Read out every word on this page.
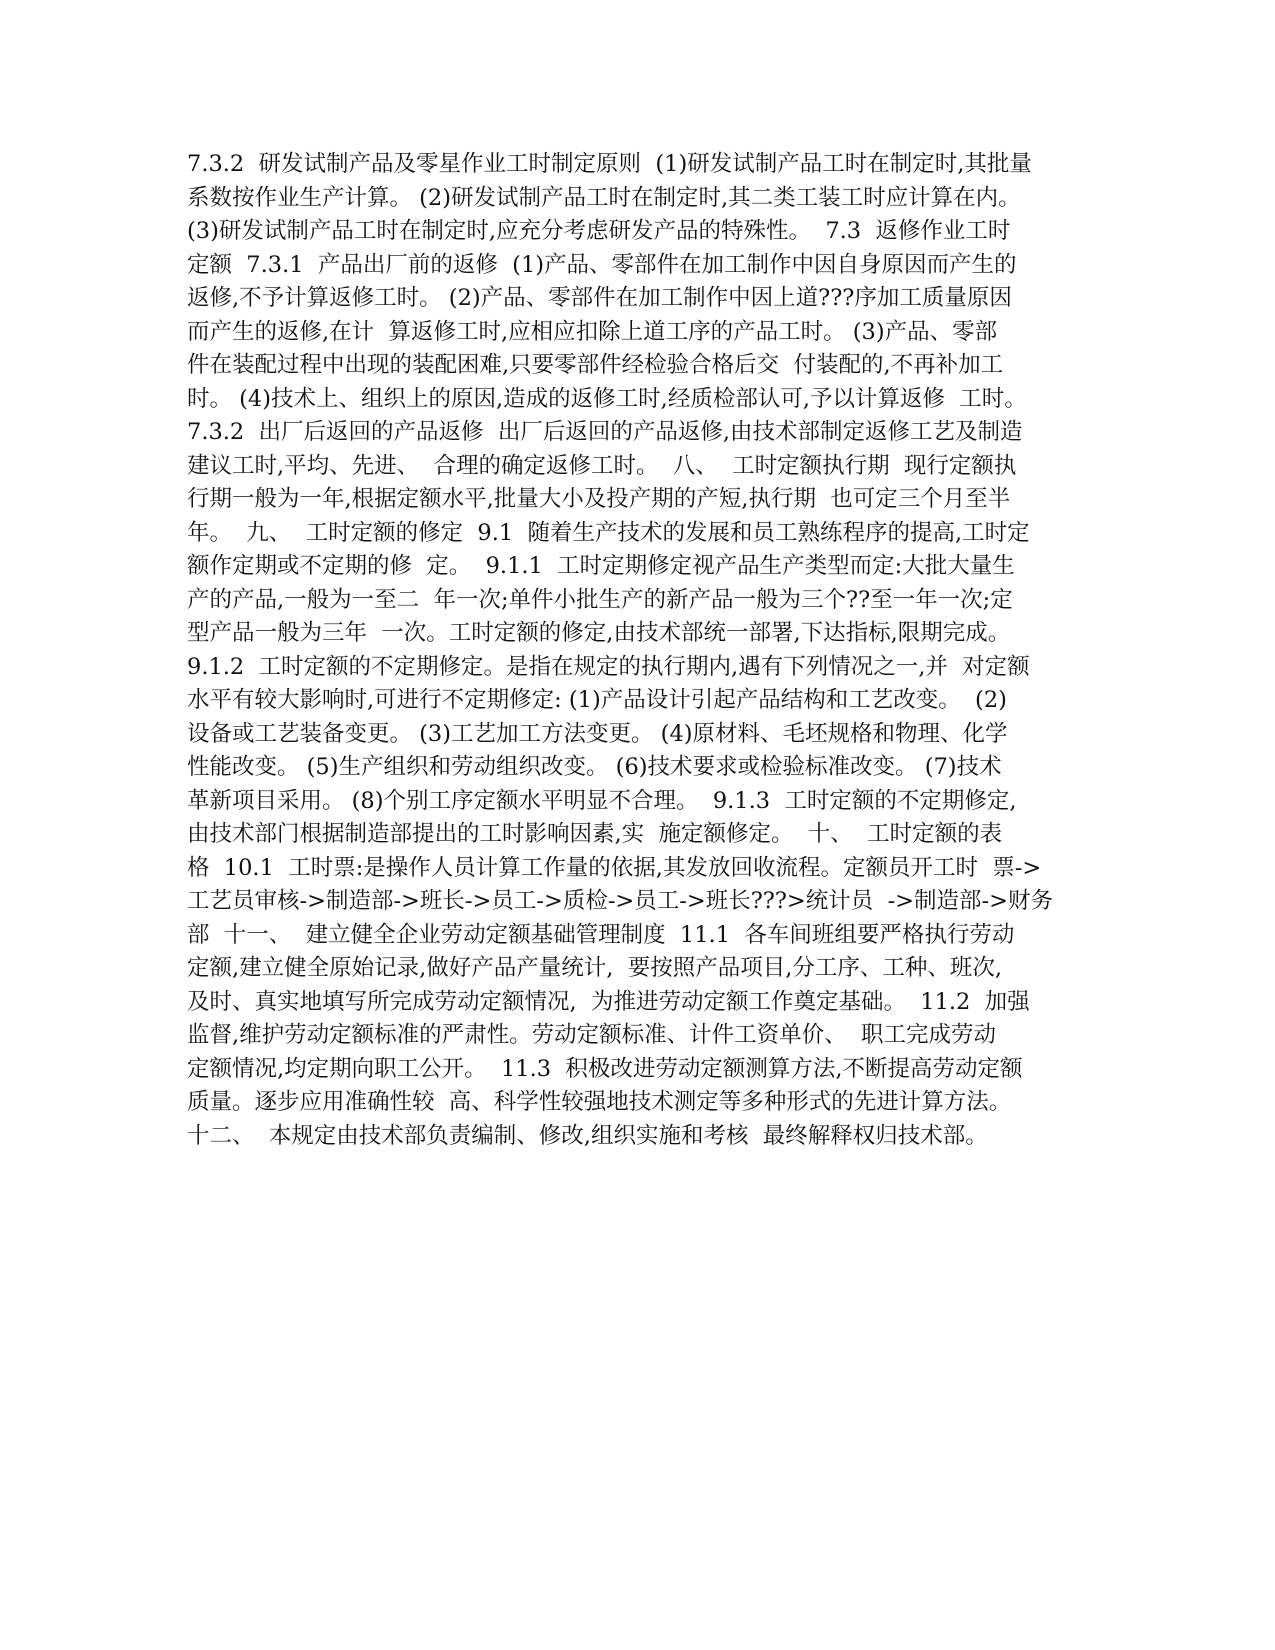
7.3.2  研发试制产品及零星作业工时制定原则  (1)研发试制产品工时在制定时,其批量
系数按作业生产计算。 (2)研发试制产品工时在制定时,其二类工装工时应计算在内。
(3)研发试制产品工时在制定时,应充分考虑研发产品的特殊性。  7.3  返修作业工时
定额  7.3.1  产品出厂前的返修  (1)产品、零部件在加工制作中因自身原因而产生的
返修,不予计算返修工时。 (2)产品、零部件在加工制作中因上道???序加工质量原因
而产生的返修,在计  算返修工时,应相应扣除上道工序的产品工时。 (3)产品、零部
件在装配过程中出现的装配困难,只要零部件经检验合格后交  付装配的,不再补加工
时。 (4)技术上、组织上的原因,造成的返修工时,经质检部认可,予以计算返修  工时。
7.3.2  出厂后返回的产品返修  出厂后返回的产品返修,由技术部制定返修工艺及制造
建议工时,平均、先进、  合理的确定返修工时。  八、  工时定额执行期  现行定额执
行期一般为一年,根据定额水平,批量大小及投产期的产短,执行期  也可定三个月至半
年。  九、  工时定额的修定  9.1  随着生产技术的发展和员工熟练程序的提高,工时定
额作定期或不定期的修  定。  9.1.1  工时定期修定视产品生产类型而定:大批大量生
产的产品,一般为一至二  年一次;单件小批生产的新产品一般为三个??至一年一次;定
型产品一般为三年  一次。工时定额的修定,由技术部统一部署,下达指标,限期完成。
9.1.2  工时定额的不定期修定。是指在规定的执行期内,遇有下列情况之一,并  对定额
水平有较大影响时,可进行不定期修定: (1)产品设计引起产品结构和工艺改变。  (2)
设备或工艺装备变更。 (3)工艺加工方法变更。 (4)原材料、毛坯规格和物理、化学
性能改变。 (5)生产组织和劳动组织改变。 (6)技术要求或检验标准改变。 (7)技术
革新项目采用。 (8)个别工序定额水平明显不合理。  9.1.3  工时定额的不定期修定,
由技术部门根据制造部提出的工时影响因素,实  施定额修定。  十、  工时定额的表
格  10.1  工时票:是操作人员计算工作量的依据,其发放回收流程。定额员开工时  票->
工艺员审核->制造部->班长->员工->质检->员工->班长???>统计员  ->制造部->财务
部  十一、  建立健全企业劳动定额基础管理制度  11.1  各车间班组要严格执行劳动
定额,建立健全原始记录,做好产品产量统计,  要按照产品项目,分工序、工种、班次,
及时、真实地填写所完成劳动定额情况,  为推进劳动定额工作奠定基础。  11.2  加强
监督,维护劳动定额标准的严肃性。劳动定额标准、计件工资单价、  职工完成劳动
定额情况,均定期向职工公开。  11.3  积极改进劳动定额测算方法,不断提高劳动定额
质量。逐步应用准确性较  高、科学性较强地技术测定等多种形式的先进计算方法。
十二、  本规定由技术部负责编制、修改,组织实施和考核  最终解释权归技术部。
